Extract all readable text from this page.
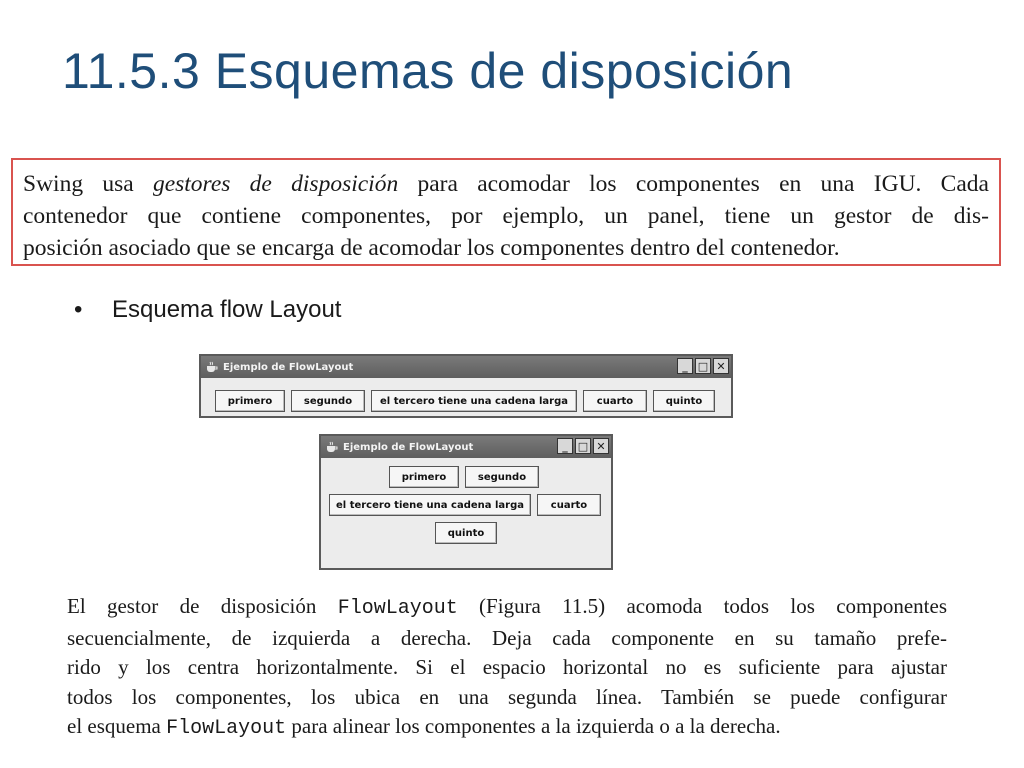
11.5.3 Esquemas de disposición
Swing usa gestores de disposición para acomodar los componentes en una IGU. Cada
contenedor que contiene componentes, por ejemplo, un panel, tiene un gestor de dis-
posición asociado que se encarga de acomodar los componentes dentro del contenedor.
• Esquema flow Layout
Ejemplo de FlowLayout	_ □ ✕
primero	segundo	el tercero tiene una cadena larga	cuarto	quinto
Ejemplo de FlowLayout	_ □ ✕
primero	segundo
el tercero tiene una cadena larga	cuarto
quinto
El gestor de disposición FlowLayout (Figura 11.5) acomoda todos los componentes
secuencialmente, de izquierda a derecha. Deja cada componente en su tamaño prefe-
rido y los centra horizontalmente. Si el espacio horizontal no es suficiente para ajustar
todos los componentes, los ubica en una segunda línea. También se puede configurar
el esquema FlowLayout para alinear los componentes a la izquierda o a la derecha.
